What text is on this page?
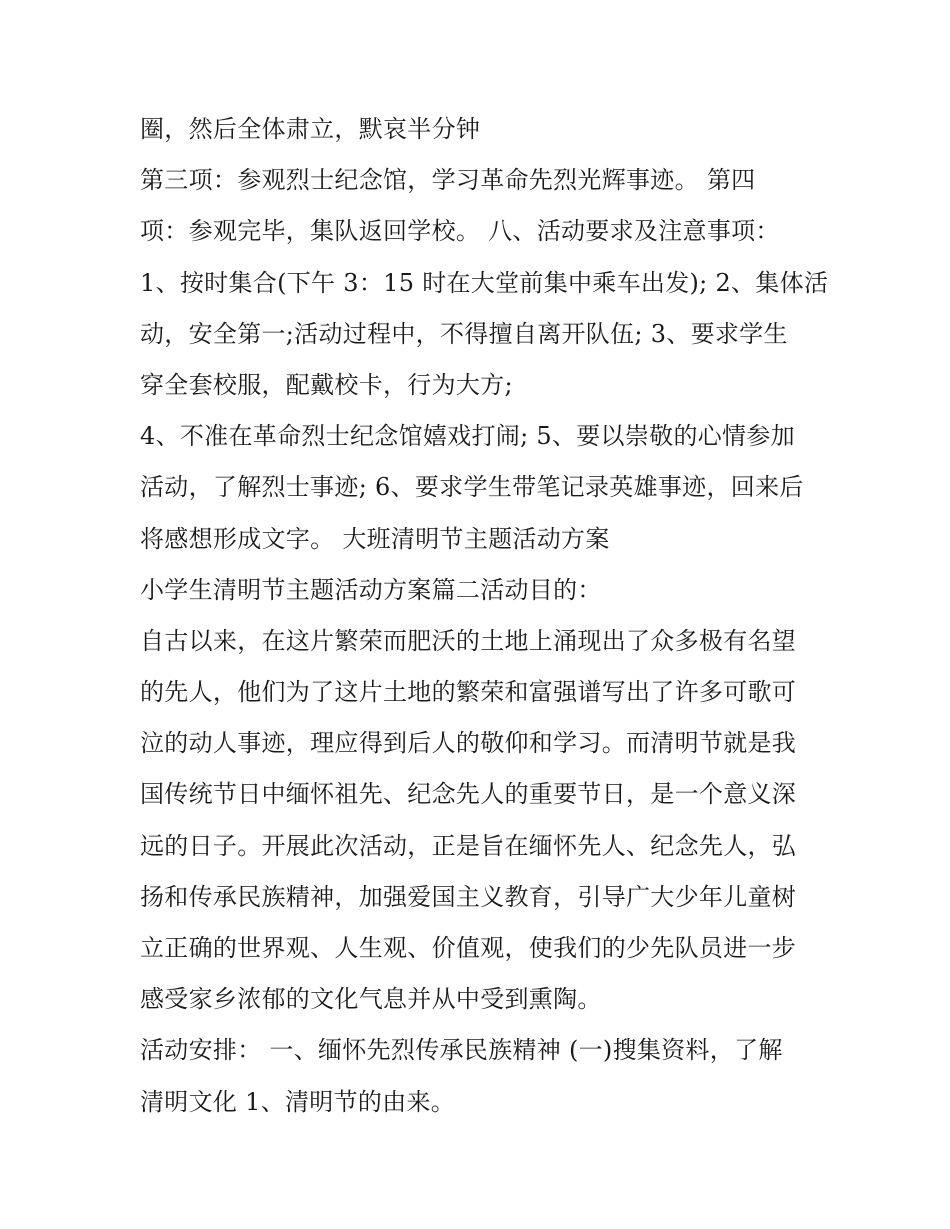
圈，然后全体肃立，默哀半分钟
第三项：参观烈士纪念馆，学习革命先烈光辉事迹。 第四
项：参观完毕，集队返回学校。 八、活动要求及注意事项：
1、按时集合(下午 3：15 时在大堂前集中乘车出发); 2、集体活
动，安全第一;活动过程中，不得擅自离开队伍; 3、要求学生
穿全套校服，配戴校卡，行为大方;
4、不准在革命烈士纪念馆嬉戏打闹; 5、要以崇敬的心情参加
活动，了解烈士事迹; 6、要求学生带笔记录英雄事迹，回来后
将感想形成文字。 大班清明节主题活动方案
小学生清明节主题活动方案篇二活动目的：
自古以来，在这片繁荣而肥沃的土地上涌现出了众多极有名望
的先人，他们为了这片土地的繁荣和富强谱写出了许多可歌可
泣的动人事迹，理应得到后人的敬仰和学习。而清明节就是我
国传统节日中缅怀祖先、纪念先人的重要节日，是一个意义深
远的日子。开展此次活动，正是旨在缅怀先人、纪念先人，弘
扬和传承民族精神，加强爱国主义教育，引导广大少年儿童树
立正确的世界观、人生观、价值观，使我们的少先队员进一步
感受家乡浓郁的文化气息并从中受到熏陶。
活动安排： 一、缅怀先烈传承民族精神 (一)搜集资料，了解
清明文化 1、清明节的由来。
